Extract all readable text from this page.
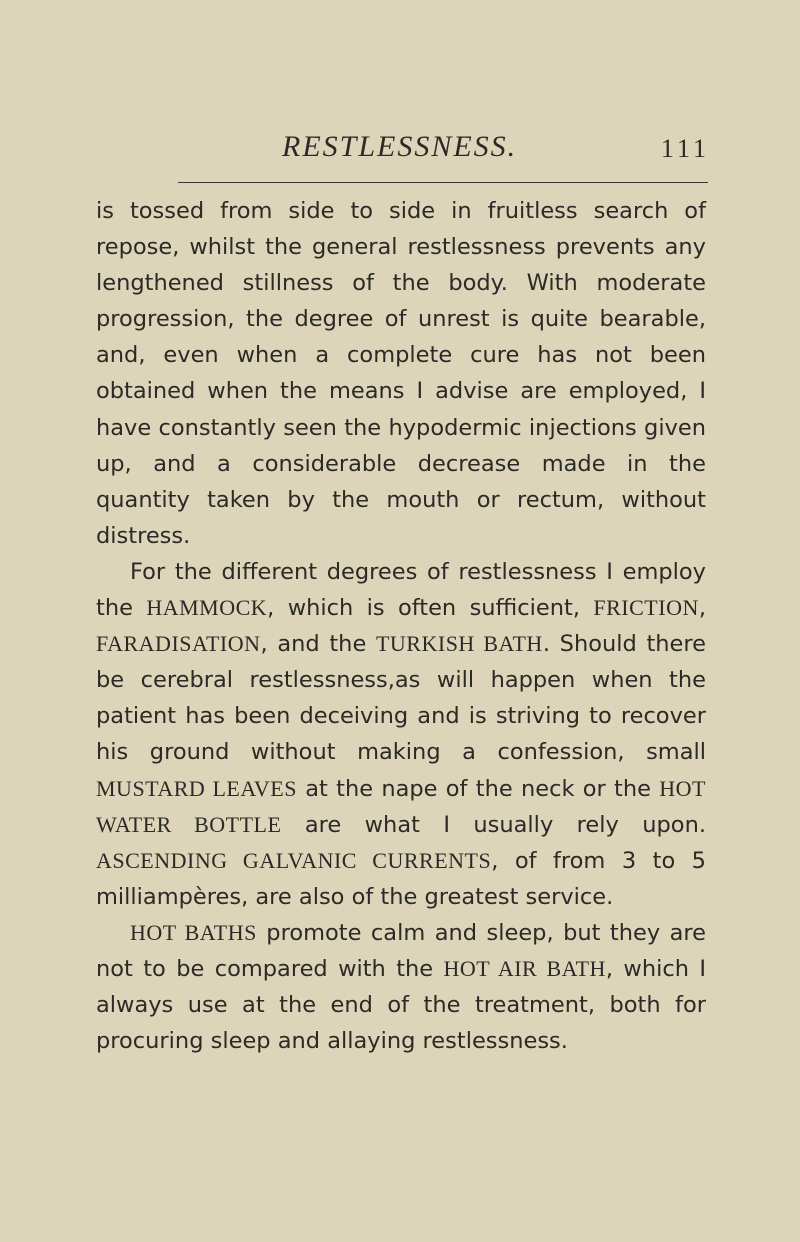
RESTLESSNESS.	111

is tossed from side to side in fruitless search of repose, whilst the general restlessness prevents any lengthened stillness of the body. With moderate progression, the degree of unrest is quite bearable, and, even when a complete cure has not been obtained when the means I advise are employed, I have constantly seen the hypodermic injections given up, and a considerable decrease made in the quantity taken by the mouth or rectum, without distress.

For the different degrees of restlessness I employ the HAMMOCK, which is often sufficient, FRICTION, FARADISATION, and the TURKISH BATH. Should there be cerebral restlessness,as will happen when the patient has been deceiving and is striving to recover his ground without making a confession, small MUSTARD LEAVES at the nape of the neck or the HOT WATER BOTTLE are what I usually rely upon. ASCENDING GALVANIC CURRENTS, of from 3 to 5 milliampères, are also of the greatest service.

HOT BATHS promote calm and sleep, but they are not to be compared with the HOT AIR BATH, which I always use at the end of the treatment, both for procuring sleep and allaying restlessness.
